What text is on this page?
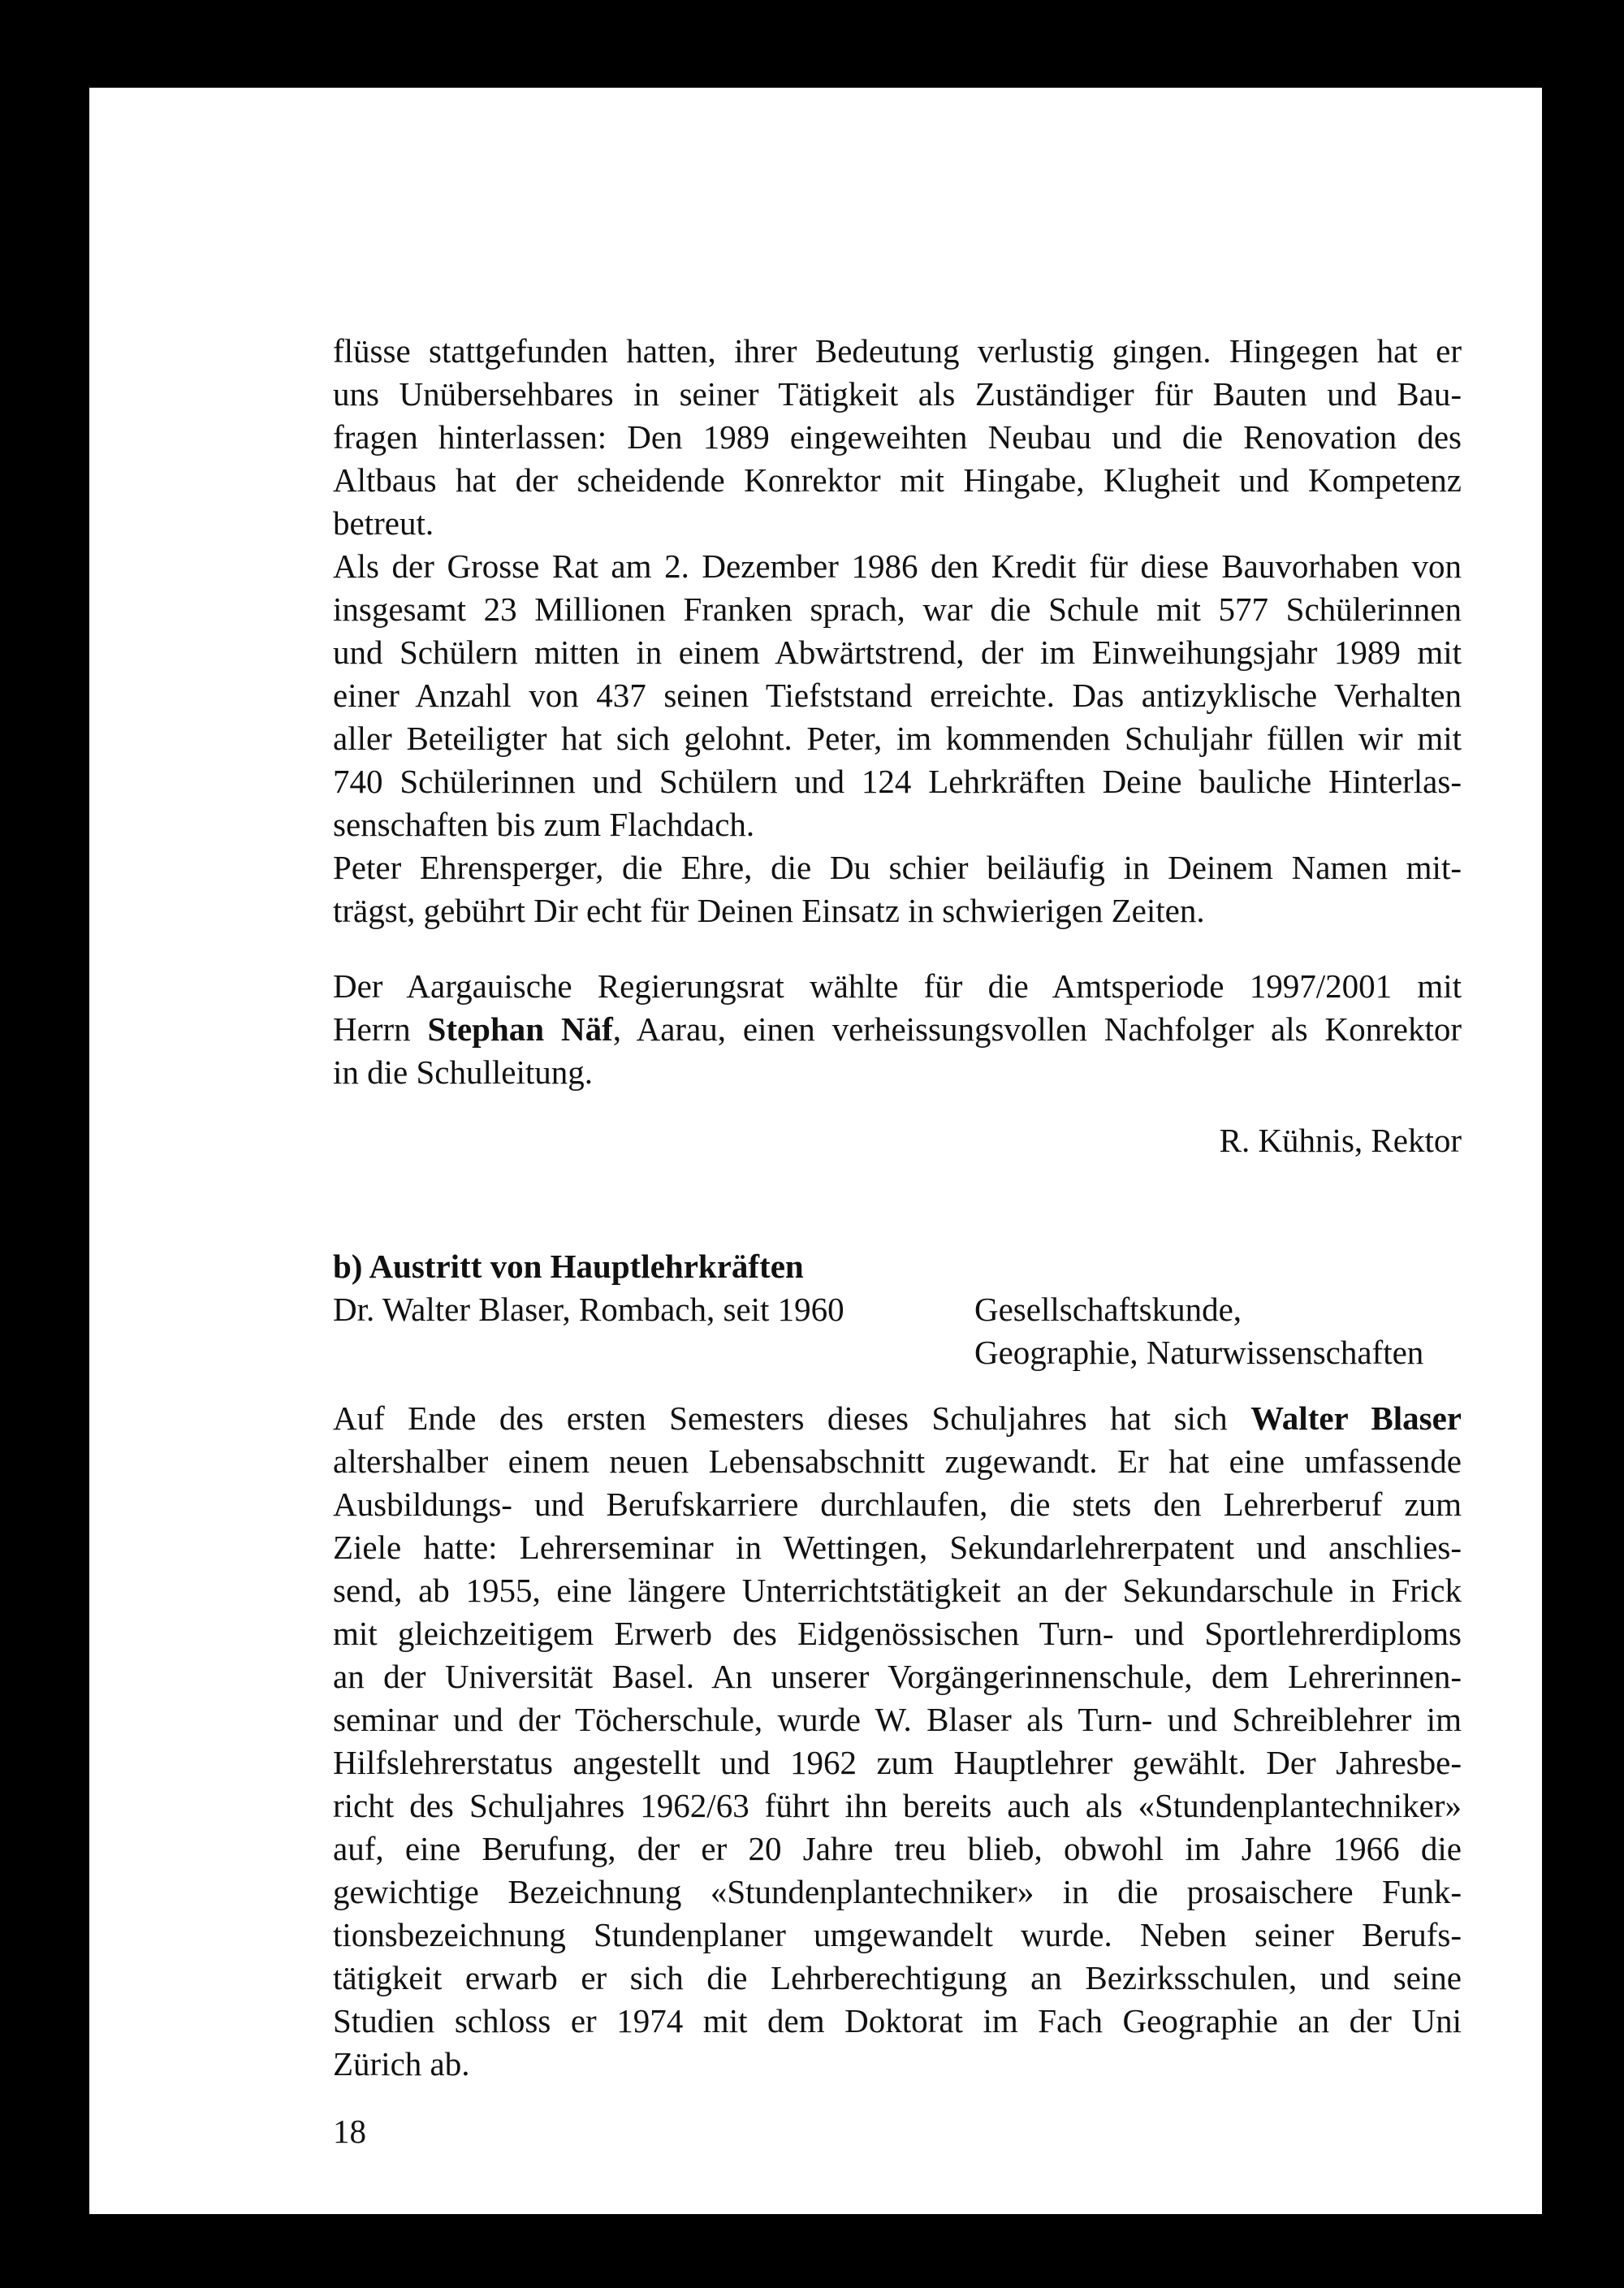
flüsse stattgefunden hatten, ihrer Bedeutung verlustig gingen. Hingegen hat er
uns Unübersehbares in seiner Tätigkeit als Zuständiger für Bauten und Bau-
fragen hinterlassen: Den 1989 eingeweihten Neubau und die Renovation des
Altbaus hat der scheidende Konrektor mit Hingabe, Klugheit und Kompetenz
betreut.
Als der Grosse Rat am 2. Dezember 1986 den Kredit für diese Bauvorhaben von
insgesamt 23 Millionen Franken sprach, war die Schule mit 577 Schülerinnen
und Schülern mitten in einem Abwärtstrend, der im Einweihungsjahr 1989 mit
einer Anzahl von 437 seinen Tiefststand erreichte. Das antizyklische Verhalten
aller Beteiligter hat sich gelohnt. Peter, im kommenden Schuljahr füllen wir mit
740 Schülerinnen und Schülern und 124 Lehrkräften Deine bauliche Hinterlas-
senschaften bis zum Flachdach.
Peter Ehrensperger, die Ehre, die Du schier beiläufig in Deinem Namen mit-
trägst, gebührt Dir echt für Deinen Einsatz in schwierigen Zeiten.
Der Aargauische Regierungsrat wählte für die Amtsperiode 1997/2001 mit
Herrn Stephan Näf, Aarau, einen verheissungsvollen Nachfolger als Konrektor
in die Schulleitung.
R. Kühnis, Rektor
b) Austritt von Hauptlehrkräften
Dr. Walter Blaser, Rombach, seit 1960	Gesellschaftskunde,
Geographie, Naturwissenschaften
Auf Ende des ersten Semesters dieses Schuljahres hat sich Walter Blaser
altershalber einem neuen Lebensabschnitt zugewandt. Er hat eine umfassende
Ausbildungs- und Berufskarriere durchlaufen, die stets den Lehrerberuf zum
Ziele hatte: Lehrerseminar in Wettingen, Sekundarlehrerpatent und anschlies-
send, ab 1955, eine längere Unterrichtstätigkeit an der Sekundarschule in Frick
mit gleichzeitigem Erwerb des Eidgenössischen Turn- und Sportlehrerdiploms
an der Universität Basel. An unserer Vorgängerinnenschule, dem Lehrerinnen-
seminar und der Töcherschule, wurde W. Blaser als Turn- und Schreiblehrer im
Hilfslehrerstatus angestellt und 1962 zum Hauptlehrer gewählt. Der Jahresbe-
richt des Schuljahres 1962/63 führt ihn bereits auch als «Stundenplantechniker»
auf, eine Berufung, der er 20 Jahre treu blieb, obwohl im Jahre 1966 die
gewichtige Bezeichnung «Stundenplantechniker» in die prosaischere Funk-
tionsbezeichnung Stundenplaner umgewandelt wurde. Neben seiner Berufs-
tätigkeit erwarb er sich die Lehrberechtigung an Bezirksschulen, und seine
Studien schloss er 1974 mit dem Doktorat im Fach Geographie an der Uni
Zürich ab.
18
